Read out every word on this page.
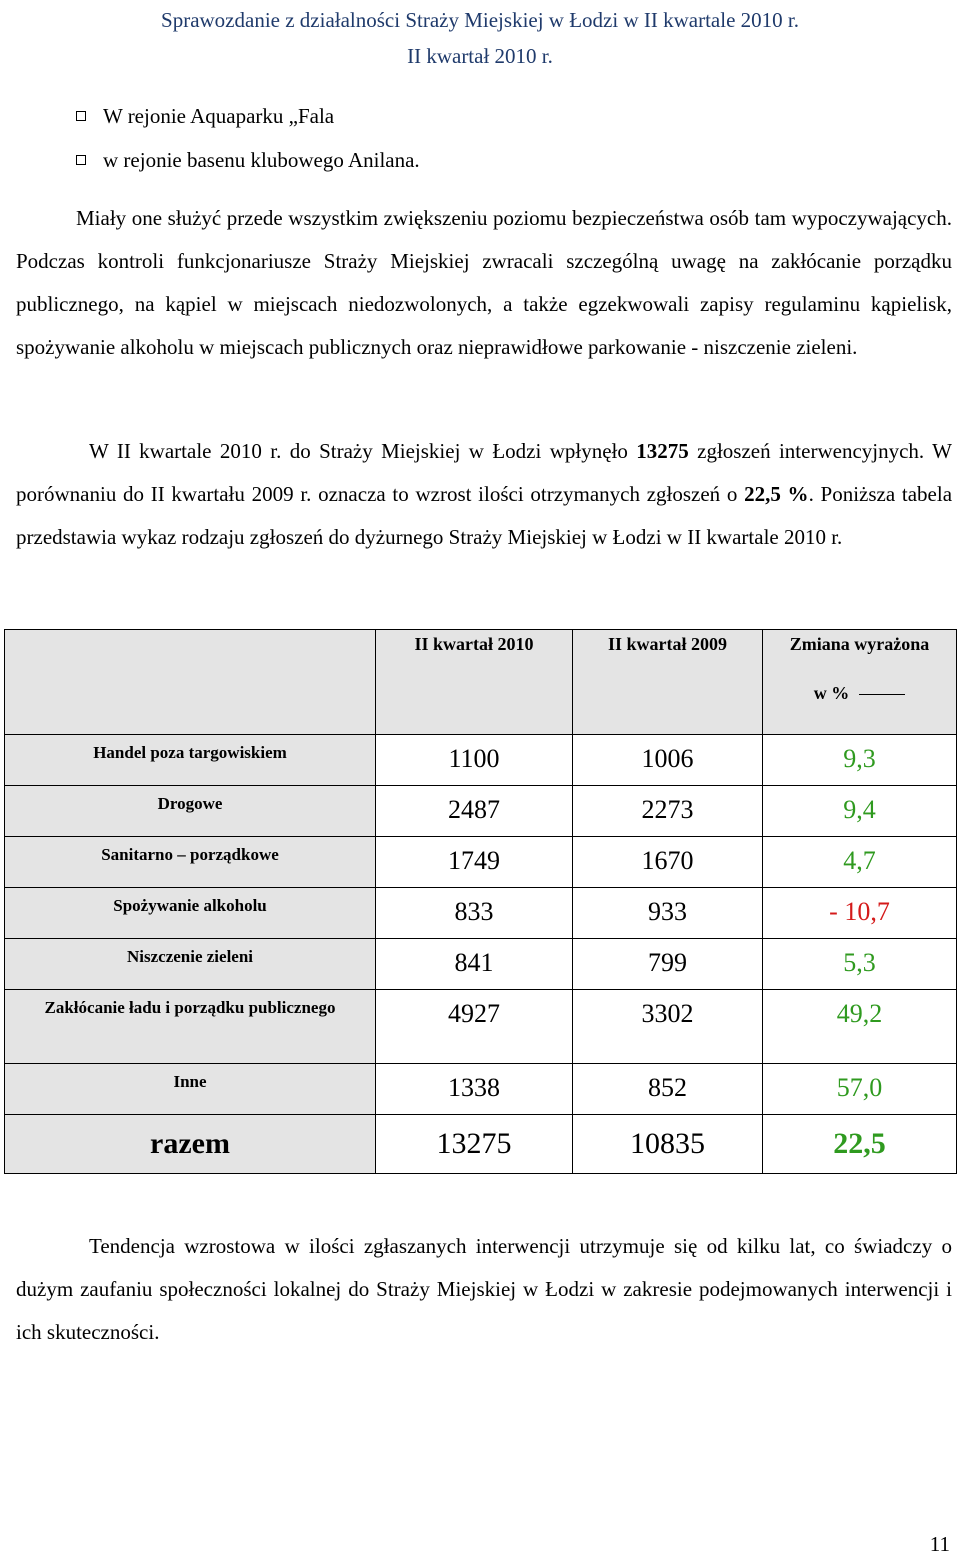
Sprawozdanie z działalności Straży Miejskiej w Łodzi w II kwartale 2010 r.
II kwartał 2010 r.
W rejonie Aquaparku „Fala
w rejonie basenu klubowego Anilana.
Miały one służyć przede wszystkim zwiększeniu poziomu bezpieczeństwa osób tam wypoczywających. Podczas kontroli funkcjonariusze Straży Miejskiej zwracali szczególną uwagę na zakłócanie porządku publicznego, na kąpiel w miejscach niedozwolonych, a także egzekwowali zapisy regulaminu kąpielisk, spożywanie alkoholu w miejscach publicznych oraz nieprawidłowe parkowanie - niszczenie zieleni.
W II kwartale 2010 r. do Straży Miejskiej w Łodzi wpłynęło 13275 zgłoszeń interwencyjnych. W porównaniu do II kwartału 2009 r. oznacza to wzrost ilości otrzymanych zgłoszeń o 22,5 %. Poniższa tabela przedstawia wykaz rodzaju zgłoszeń do dyżurnego Straży Miejskiej w Łodzi w II kwartale 2010 r.
	II kwartał 2010	II kwartał 2009	Zmiana wyrażona
w %

Handel poza targowiskiem	1100	1006	9,3
Drogowe	2487	2273	9,4
Sanitarno – porządkowe	1749	1670	4,7
Spożywanie alkoholu	833	933	- 10,7
Niszczenie zieleni	841	799	5,3
Zakłócanie ładu i porządku publicznego	4927	3302	49,2
Inne	1338	852	57,0
razem	13275	10835	22,5
Tendencja wzrostowa w ilości zgłaszanych interwencji utrzymuje się od kilku lat, co świadczy o dużym zaufaniu społeczności lokalnej do Straży Miejskiej w Łodzi w zakresie podejmowanych interwencji i ich skuteczności.
11
